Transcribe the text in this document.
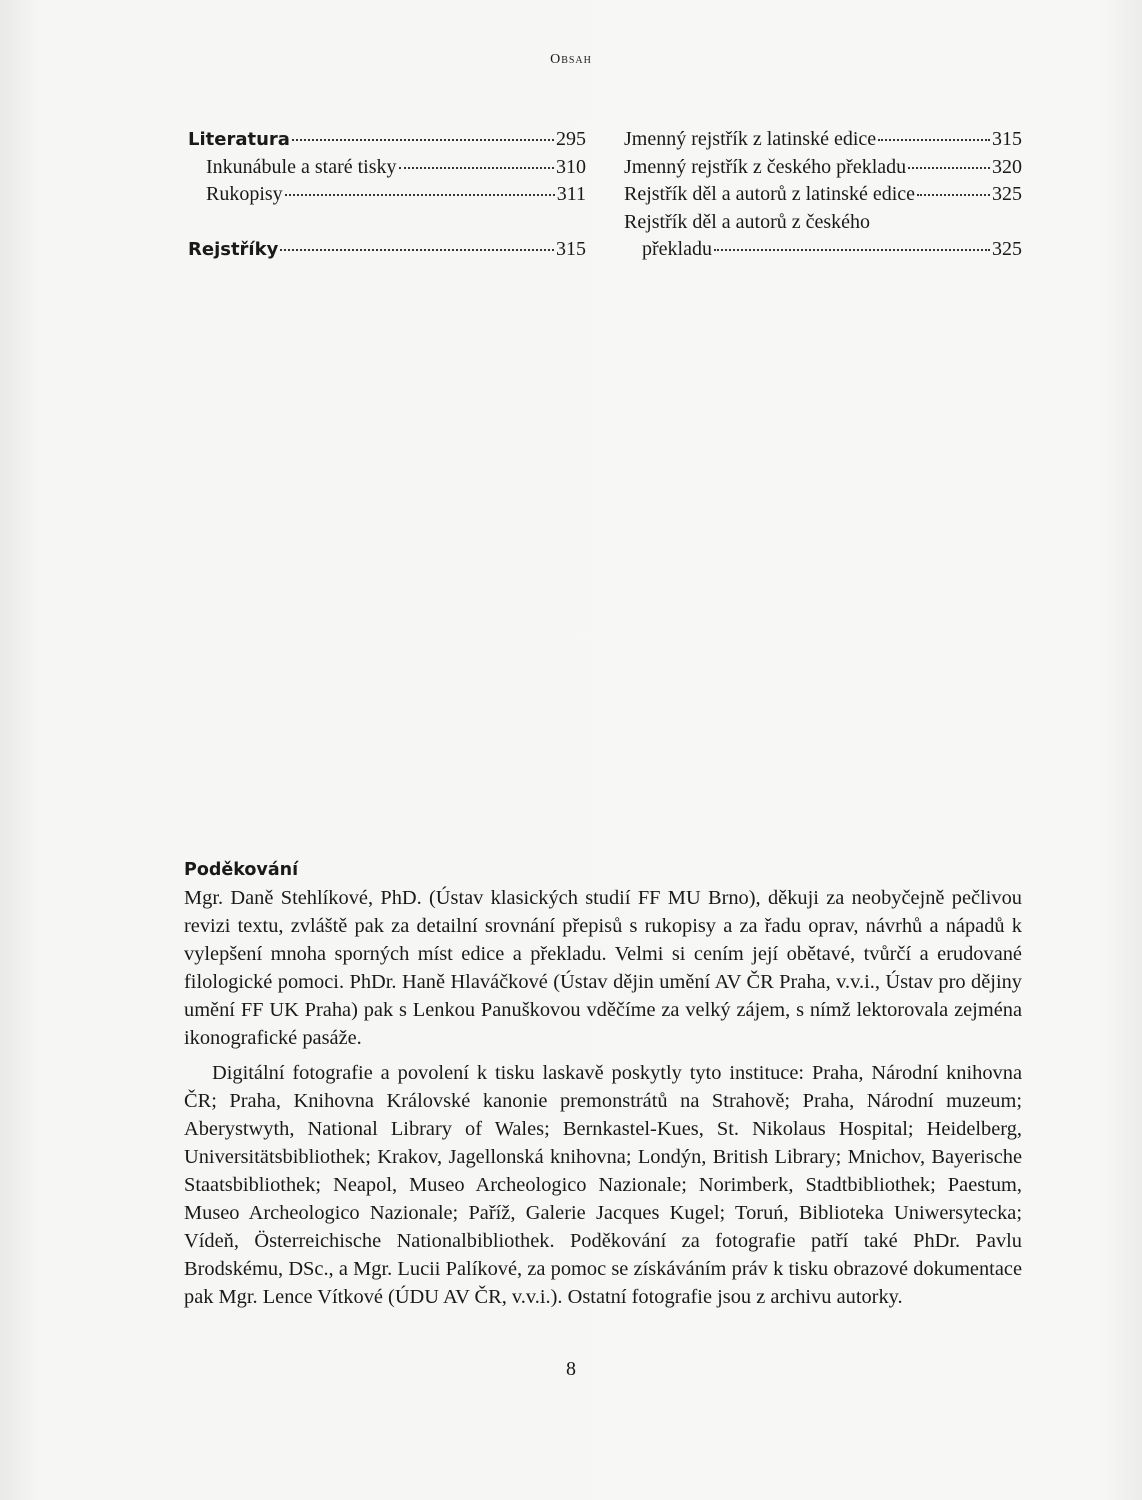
Obsah
Literatura	295
Inkunábule a staré tisky	310
Rukopisy	311
Rejstříky	315
Jmenný rejstřík z latinské edice	315
Jmenný rejstřík z českého překladu	320
Rejstřík děl a autorů z latinské edice	325
Rejstřík děl a autorů z českého
překladu	325
Poděkování

Mgr. Daně Stehlíkové, PhD. (Ústav klasických studií FF MU Brno), děkuji za neobyčejně pečlivou revizi textu, zvláště pak za detailní srovnání přepisů s rukopisy a za řadu oprav, návrhů a nápadů k vylepšení mnoha sporných míst edice a překladu. Velmi si cením její obětavé, tvůrčí a erudované filologické pomoci. PhDr. Haně Hlaváčkové (Ústav dějin umění AV ČR Praha, v.v.i., Ústav pro dějiny umění FF UK Praha) pak s Lenkou Panuškovou vděčíme za velký zájem, s nímž lektorovala zejména ikonografické pasáže.

Digitální fotografie a povolení k tisku laskavě poskytly tyto instituce: Praha, Národní knihovna ČR; Praha, Knihovna Královské kanonie premonstrátů na Strahově; Praha, Národní muzeum; Aberystwyth, National Library of Wales; Bernkastel-Kues, St. Nikolaus Hospital; Heidelberg, Universitätsbibliothek; Krakov, Jagellonská knihovna; Londýn, British Library; Mnichov, Bayerische Staatsbibliothek; Neapol, Museo Archeologico Nazionale; Norimberk, Stadtbibliothek; Paestum, Museo Archeologico Nazionale; Paříž, Galerie Jacques Kugel; Toruń, Biblioteka Uniwersytecka; Vídeň, Österreichische Nationalbibliothek. Poděkování za fotografie patří také PhDr. Pavlu Brodskému, DSc., a Mgr. Lucii Palíkové, za pomoc se získáváním práv k tisku obrazové dokumentace pak Mgr. Lence Vítkové (ÚDU AV ČR, v.v.i.). Ostatní fotografie jsou z archivu autorky.

8
